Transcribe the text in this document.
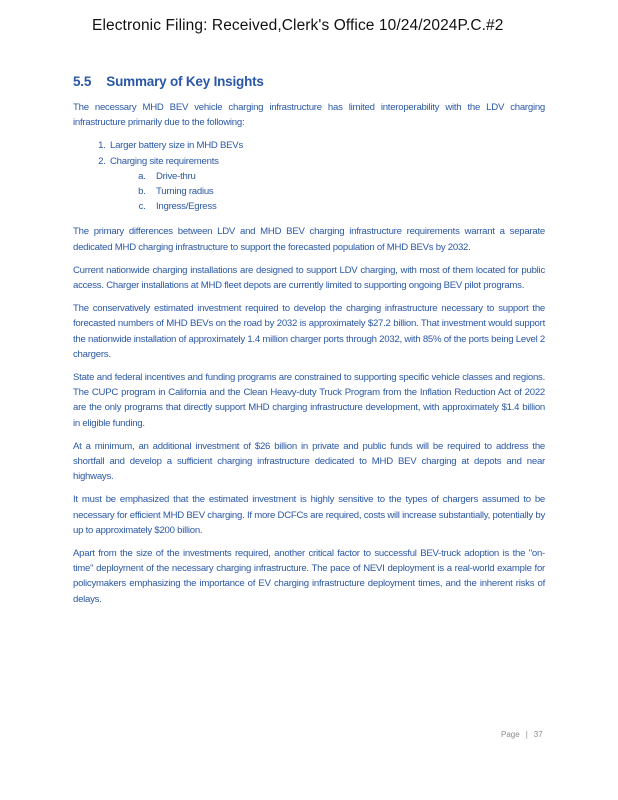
Electronic Filing: Received,Clerk's Office 10/24/2024P.C.#2
5.5 Summary of Key Insights

The necessary MHD BEV vehicle charging infrastructure has limited interoperability with the LDV charging infrastructure primarily due to the following:

1. Larger battery size in MHD BEVs
2. Charging site requirements
a. Drive-thru
b. Turning radius
c. Ingress/Egress

The primary differences between LDV and MHD BEV charging infrastructure requirements warrant a separate dedicated MHD charging infrastructure to support the forecasted population of MHD BEVs by 2032.

Current nationwide charging installations are designed to support LDV charging, with most of them located for public access. Charger installations at MHD fleet depots are currently limited to supporting ongoing BEV pilot programs.

The conservatively estimated investment required to develop the charging infrastructure necessary to support the forecasted numbers of MHD BEVs on the road by 2032 is approximately $27.2 billion. That investment would support the nationwide installation of approximately 1.4 million charger ports through 2032, with 85% of the ports being Level 2 chargers.

State and federal incentives and funding programs are constrained to supporting specific vehicle classes and regions. The CUPC program in California and the Clean Heavy-duty Truck Program from the Inflation Reduction Act of 2022 are the only programs that directly support MHD charging infrastructure development, with approximately $1.4 billion in eligible funding.

At a minimum, an additional investment of $26 billion in private and public funds will be required to address the shortfall and develop a sufficient charging infrastructure dedicated to MHD BEV charging at depots and near highways.

It must be emphasized that the estimated investment is highly sensitive to the types of chargers assumed to be necessary for efficient MHD BEV charging. If more DCFCs are required, costs will increase substantially, potentially by up to approximately $200 billion.

Apart from the size of the investments required, another critical factor to successful BEV-truck adoption is the "on-time" deployment of the necessary charging infrastructure. The pace of NEVI deployment is a real-world example for policymakers emphasizing the importance of EV charging infrastructure deployment times, and the inherent risks of delays.

Page | 37
